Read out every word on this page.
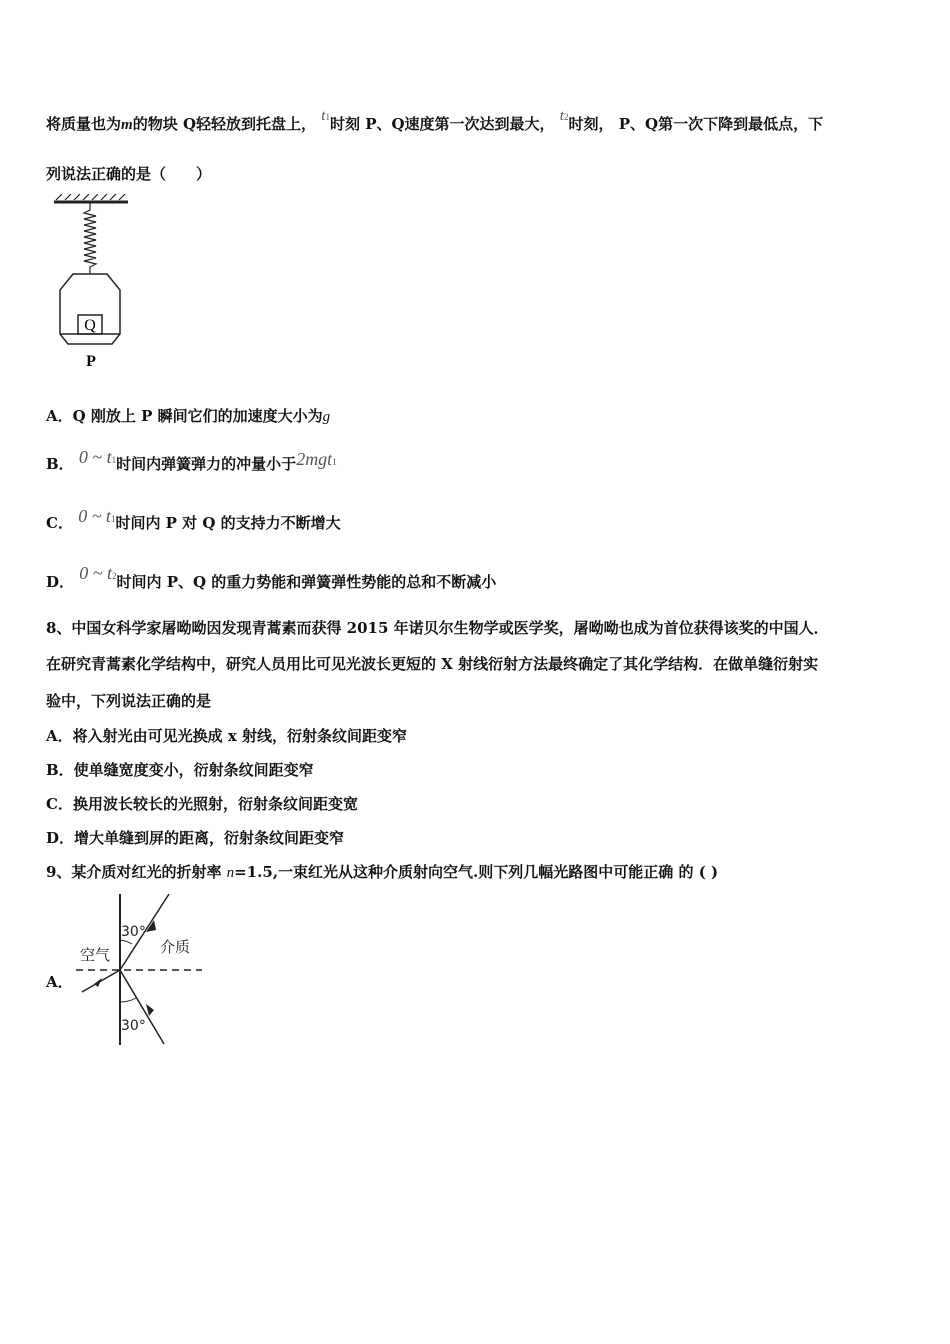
将质量也为m的物块 Q轻轻放到托盘上， t1时刻 P、Q速度第一次达到最大， t2时刻， P、Q第一次下降到最低点，下
列说法正确的是（　　）
Q
P
A．Q 刚放上 P 瞬间它们的加速度大小为g
B． 0 ~ t1时间内弹簧弹力的冲量小于2mgt1
C． 0 ~ t1时间内 P 对 Q 的支持力不断增大
D． 0 ~ t2时间内 P、Q 的重力势能和弹簧弹性势能的总和不断减小
8、中国女科学家屠呦呦因发现青蒿素而获得 2015 年诺贝尔生物学或医学奖，屠呦呦也成为首位获得该奖的中国人．
在研究青蒿素化学结构中，研究人员用比可见光波长更短的 X 射线衍射方法最终确定了其化学结构．在做单缝衍射实
验中，下列说法正确的是
A．将入射光由可见光换成 x 射线，衍射条纹间距变窄
B．使单缝宽度变小，衍射条纹间距变窄
C．换用波长较长的光照射，衍射条纹间距变宽
D．增大单缝到屏的距离，衍射条纹间距变窄
9、某介质对红光的折射率 n=1.5,一束红光从这种介质射向空气.则下列几幅光路图中可能正确 的 ( )
A．
30°
30°
空气	介质
